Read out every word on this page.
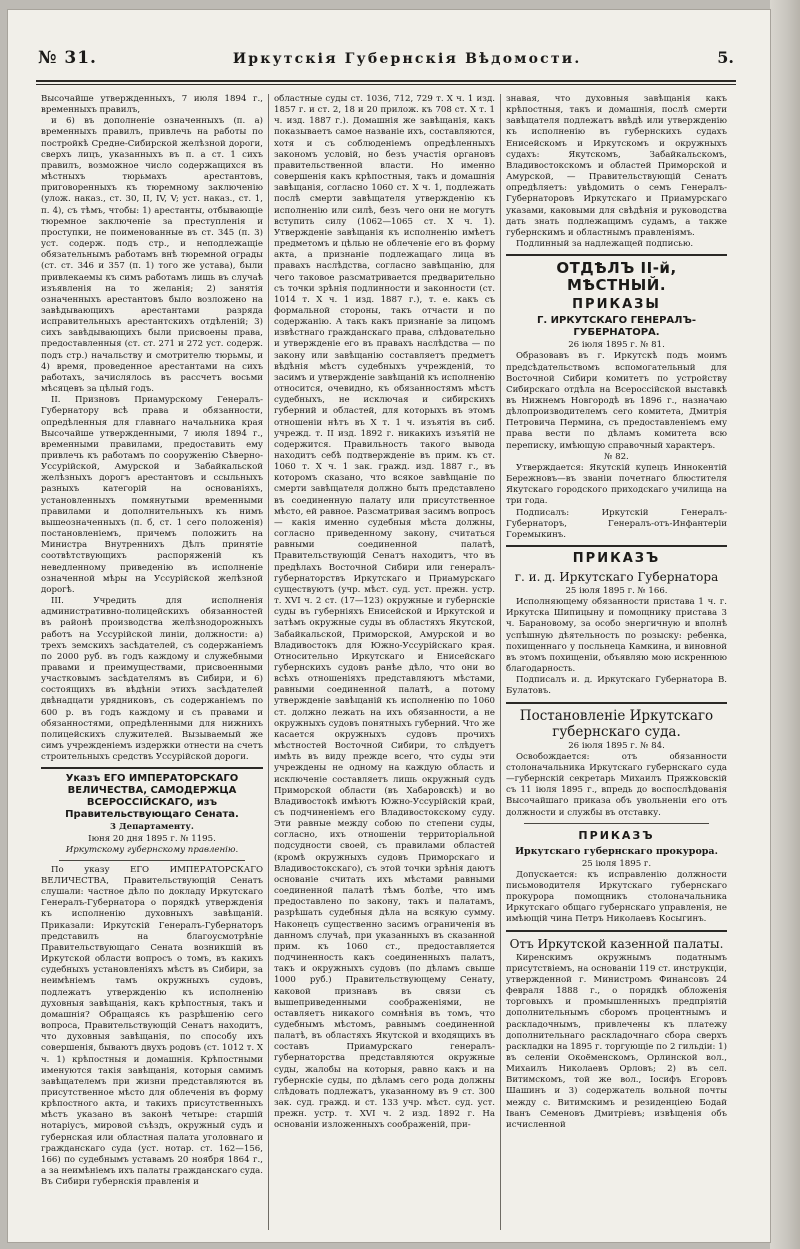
№ 31.	Иркутскiя Губернскiя Вѣдомости.	5.

Высочайше утвержденныхъ, 7 июля 1894 г., временныхъ правилъ,

и 6) въ дополненiе означенныхъ (п. а) временныхъ правилъ, привлечь на работы по постройкѣ Средне-Сибирской желѣзной дороги, сверхъ лицъ, указанныхъ въ п. а ст. 1 сихъ правилъ, возможное число содержащихся въ мѣстныхъ тюрьмахъ арестантовъ, приговоренныхъ къ тюремному заключенiю (улож. наказ., ст. 30, II, IV, V; уст. наказ., ст. 1, п. 4), съ тѣмъ, чтобы: 1) арестанты, отбывающiе тюремное заключенiе за преступленiя и проступки, не поименованные въ ст. 345 (п. 3) уст. содерж. подъ стр., и неподлежащiе обязательнымъ работамъ внѣ тюремной ограды (ст. ст. 346 и 357 (п. 1) того же устава), были привлекаемы къ симъ работамъ лишь въ случаѣ изъявленiя на то желанiя; 2) занятiя означенныхъ арестантовъ было возложено на завѣдывающихъ арестантами разряда исправительныхъ арестантскихъ отдѣленiй; 3) сихъ завѣдывающихъ были присвоены права, предоставленныя (ст. ст. 271 и 272 уст. содерж. подъ стр.) начальству и смотрителю тюрьмы, и 4) время, проведенное арестантами на сихъ работахъ, зачислялось въ рассчетъ восьми мѣсяцевъ за цѣлый годъ.

II. Призновъ Приамурскому Генералъ-Губернатору всѣ права и обязанности, опредѣленныя для главнаго начальника края Высочайше утвержденными, 7 июля 1894 г., временными правилами, предоставить ему привлечь къ работамъ по сооруженiю Сѣверно-Уссурiйской, Амурской и Забайкальской желѣзныхъ дорогъ арестантовъ и ссыльныхъ разныхъ категорiй на основанiяхъ, установленныхъ помянутыми временными правилами и дополнительныхъ къ нимъ вышеозначенныхъ (п. б, ст. 1 сего положенiя) постановленiемъ, причемъ положить на Министра Внутреннихъ Дѣлъ принятiе соотвѣтствующихъ распоряженiй къ неведленному приведенiю въ исполненiе означенной мѣры на Уссурiйской желѣзной дорогѣ.

III. Учредить для исполненiя административно-полицейскихъ обязанностей въ районѣ производства желѣзнодорожныхъ работъ на Уссурiйской линiи, должности: а) трехъ земскихъ засѣдателей, съ содержанiемъ по 2000 руб. въ годъ каждому и служебными правами и преимуществами, присвоенными участковымъ засѣдателямъ въ Сибири, и 6) состоящихъ въ вѣдѣнiи этихъ засѣдателей двѣнадцати урядниковъ, съ содержанiемъ по 600 р. въ годъ каждому и съ правами и обязанностями, опредѣленными для нижнихъ полицейскихъ служителей. Вызываемый же симъ учрежденiемъ издержки отнести на счетъ строительныхъ средствъ Уссурiйской дороги.

Указъ ЕГО ИМПЕРАТОРСКАГО ВЕЛИЧЕСТВА, САМОДЕРЖЦА ВСЕРОССIЙСКАГО, изъ Правительствующаго Сената.
3 Департаменту.
Iюня 20 дня 1895 г. № 1195.
Иркутскому губернскому правленiю.

По указу ЕГО ИМПЕРАТОРСКАГО ВЕЛИЧЕСТВА, Правительствующiй Сенатъ слушали: частное дѣло по докладу Иркутскаго Генералъ-Губернатора о порядкѣ утвержденiя къ исполненiю духовныхъ завѣщанiй. Приказали: Иркутскiй Генералъ-Губернаторъ представилъ на благоусмотрѣнiе Правительствующаго Сената возникшiй въ Иркутской области вопросъ о томъ, въ какихъ судебныхъ установленiяхъ мѣстъ въ Сибири, за неимѣнiемъ тамъ окружныхъ судовъ, подлежатъ утвержденiю къ исполненiю духовныя завѣщанiя, какъ крѣпостныя, такъ и домашнiя? Обращаясь къ разрѣшенiю сего вопроса, Правительствующiй Сенатъ находитъ, что духовныя завѣщанiя, по способу ихъ совершенiя, бываютъ двухъ родовъ (ст. 1012 т. Х ч. 1) крѣпостныя и домашнiя. Крѣпостными именуются такiя завѣщанiя, которыя самимъ завѣщателемъ при жизни представляются въ присутственное мѣсто для облеченiя въ форму крѣпостного акта, и такихъ присутственныхъ мѣстъ указано въ законѣ четыре: старшiй нотарiусъ, мировой съѣздъ, окружный судъ и губернская или областная палата уголовнаго и гражданскаго суда (уст. нотар. ст. 162—156, 166) по судебнымъ уставамъ 20 ноября 1864 г., а за неимѣнiемъ ихъ палаты гражданскаго суда. Въ Сибири губернскiя правленiя и

областные суды ст. 1036, 712, 729 т. Х ч. 1 изд. 1857 г. и ст. 2, 18 и 20 прилож. къ 708 ст. Х т. 1 ч. изд. 1887 г.). Домашнiя же завѣщанiя, какъ показываетъ самое названiе ихъ, составляются, хотя и съ соблюденiемъ опредѣленныхъ закономъ условiй, но безъ участiя органовъ правительственной власти. Но именно совершенiя какъ крѣпостныя, такъ и домашнiя завѣщанiя, согласно 1060 ст. Х ч. 1, подлежать послѣ смерти завѣщателя утвержденiю къ исполненiю или силѣ, безъ чего они не могутъ вступить силу (1062—1065 ст. Х ч. 1). Утвержденiе завѣщанiя къ исполненiю имѣетъ предметомъ и цѣлью не облеченiе его въ форму акта, а признанiе подлежащаго лица въ правахъ наслѣдства, согласно завѣщанiю, для чего таковое разсматривается предварительно съ точки зрѣнiя подлинности и законности (ст. 1014 т. Х ч. 1 изд. 1887 г.), т. е. какъ съ формальной стороны, такъ отчасти и по содержанiю. А такъ какъ признанiе за лицомъ извѣстнаго гражданскаго права, слѣдовательно и утвержденiе его въ правахъ наслѣдства — по закону или завѣщанiю составляетъ предметъ вѣдѣнiя мѣстъ судебныхъ учрежденiй, то засимъ и утвержденiе завѣщанiй къ исполненiю относится, очевидно, къ обязанностямъ мѣстъ судебныхъ, не исключая и сибирскихъ губерний и областей, для которыхъ въ этомъ отношенiи нѣтъ въ Х т. 1 ч. изъятiя въ сиб. учрежд. т. II изд. 1892 г. никакихъ изъятiй не содержится. Правильность такого вывода находитъ себѣ подтвержденiе въ прим. къ ст. 1060 т. Х ч. 1 зак. гражд. изд. 1887 г., въ которомъ сказано, что всякое завѣщанiе по смерти завѣщателя должно быть представлено въ соединенную палату или присутственное мѣсто, ей равное. Разсматривая засимъ вопросъ — какiя именно судебныя мѣста должны, согласно приведенному закону, считаться равными соединенной палатѣ, Правительствующiй Сенатъ находитъ, что въ предѣлахъ Восточной Сибири или генералъ-губернаторствъ Иркутскаго и Приамурскаго существуютъ (учр. мѣст. суд. уст. прежн. устр. т. XVI ч. 2 ст. (17—123) окружные и губернскiе суды въ губернiяхъ Енисейской и Иркутской и затѣмъ окружные суды въ областяхъ Якутской, Забайкальской, Приморской, Амурской и во Владивостокъ для Южно-Уссурiйскаго края. Относительно Иркутскаго и Енисейскаго губернскихъ судовъ ранѣе дѣло, что они во всѣхъ отношенiяхъ представляютъ мѣстами, равными соединенной палатѣ, а потому утвержденiе завѣщанiй къ исполненiю по 1060 ст. должно лежать на ихъ обязанности, а не окружныхъ судовъ понятныхъ губерний. Что же касается окружныхъ судовъ прочихъ мѣстностей Восточной Сибири, то слѣдуетъ имѣть въ виду прежде всего, что суды эти учреждены не одному на каждую область и исключенiе составляетъ лишь окружный судъ Приморской области (въ Хабаровскѣ) и во Владивостокѣ имѣютъ Южно-Уссурiйскiй край, съ подчиненiемъ его Владивостокскому суду. Эти равные между собою по степени суды, согласно, ихъ отношенiи территорiальной подсудности своей, съ правилами областей (кромѣ окружныхъ судовъ Приморскаго и Владивостокскаго), съ этой точки зрѣнiя даютъ основанiе считать ихъ мѣстами равными соединенной палатѣ тѣмъ болѣе, что имъ предоставлено по закону, такъ и палатамъ, разрѣшать судебныя дѣла на всякую сумму. Наконецъ существенно засимъ ограниченiя въ данномъ случаѣ, при указанныхъ въ сказанной прим. къ 1060 ст., предоставляется подчиненность какъ соединенныхъ палатъ, такъ и окружныхъ судовъ (по дѣламъ свыше 1000 руб.) Правительствующему Сенату, каковой признавъ въ связи съ вышеприведенными соображенiями, не оставляетъ никакого сомнѣнiя въ томъ, что судебнымъ мѣстомъ, равнымъ соединенной палатѣ, въ областяхъ Якутской и входящихъ въ составъ Приамурскаго генералъ-губернаторства представляются окружные суды, жалобы на которыя, равно какъ и на губернскiе суды, по дѣламъ сего рода должны слѣдовать подлежатъ, указанному въ 9 ст. 300 зак. суд. гражд. и ст. 133 учр. мѣст. суд. уст. прежн. устр. т. XVI ч. 2 изд. 1892 г. На основанiи изложенныхъ соображенiй, при-

знавая, что духовныя завѣщанiя какъ крѣпостныя, такъ и домашнiя, послѣ смерти завѣщателя подлежатъ ввѣдѣ или утвержденiю къ исполненiю въ губернскихъ судахъ Енисейскомъ и Иркутскомъ и окружныхъ судахъ: Якутскомъ, Забайкальскомъ, Владивостокскомъ и областей Приморской и Амурской, — Правительствующiй Сенатъ опредѣляетъ: увѣдомить о семъ Генералъ-Губернаторовъ Иркутскаго и Приамурскаго указами, каковыми для свѣдѣнiя и руководства дать знать подлежащимъ судамъ, а также губернскимъ и областнымъ правленiямъ.

Подлинный за надлежащей подписью.

ОТДѢЛЪ II-й, МѢСТНЫЙ.
ПРИКАЗЫ
Г. ИРКУТСКАГО ГЕНЕРАЛЪ-ГУБЕРНАТОРА.
26 iюля 1895 г. № 81.

Образовавъ въ г. Иркутскѣ подъ моимъ предсѣдательствомъ вспомогательный для Восточной Сибири комитетъ по устройству Сибирскаго отдѣла на Всероссiйской выставкѣ въ Нижнемъ Новгородѣ въ 1896 г., назначаю дѣлопроизводителемъ сего комитета, Дмитрiя Петровича Пермина, съ предоставленiемъ ему права вести по дѣламъ комитета всю переписку, имѣющую справочный характеръ.

№ 82.

Утверждается: Якутскiй купецъ Иннокентiй Бережновъ—въ званiи почетнаго блюстителя Якутскаго городского приходскаго училища на три года.

Подписалъ: Иркутскiй Генералъ-Губернаторъ, Генералъ-отъ-Инфантерiи Горемыкинъ.

ПРИКАЗЪ
г. и. д. Иркутскаго Губернатора
25 iюля 1895 г. № 166.

Исполняющему обязанности пристава 1 ч. г. Иркутска Шипицыну и помощнику пристава 3 ч. Барановому, за особо энергичную и вполнѣ успѣшную дѣятельность по розыску: ребенка, похищеннаго у посльнеца Камкина, и виновной въ этомъ похищенiи, объявляю мою искреннюю благодарность.

Подписалъ и. д. Иркутскаго Губернатора В. Булатовъ.

Постановленiе Иркутскаго губернскаго суда.
26 iюля 1895 г. № 84.

Освобождается: отъ обязанности столоначальника Иркутскаго губернскаго суда—губернскiй секретарь Михаилъ Пряжковскiй съ 11 iюля 1895 г., впредь до воспослѣдованiя Высочайшаго приказа объ увольненiи его отъ должности и службы въ отставку.

ПРИКАЗЪ
Иркутскаго губернскаго прокурора.
25 iюля 1895 г.

Допускается: къ исправленiю должности письмоводителя Иркутскаго губернскаго прокурора помощникъ столоначальника Иркутскаго общаго губернскаго управленiя, не имѣющiй чина Петръ Николаевъ Косыгинъ.

Отъ Иркутской казенной палаты.

Киренскимъ окружнымъ податнымъ присутствiемъ, на основанiи 119 ст. инструкцiи, утвержденной г. Министромъ Финансовъ 24 февраля 1888 г., о порядкѣ обложенiя торговыхъ и промышленныхъ предпрiятiй дополнительнымъ сборомъ процентнымъ и раскладочнымъ, привлечены къ платежу дополнительнаго раскладочнаго сбора сверхъ раскладки на 1895 г. торгующiе по 2 гильдiи: 1) въ селенiи Окоёменскомъ, Орлинской вол., Михаилъ Николаевъ Орловъ; 2) въ сел. Витимскомъ, той же вол., Iосифъ Егоровъ Шашинъ и 3) содержатель вольной почты между с. Витимскимъ и резиденцiею Бодай Iванъ Семеновъ Дмитрiевъ; извѣщенiя объ исчисленной
